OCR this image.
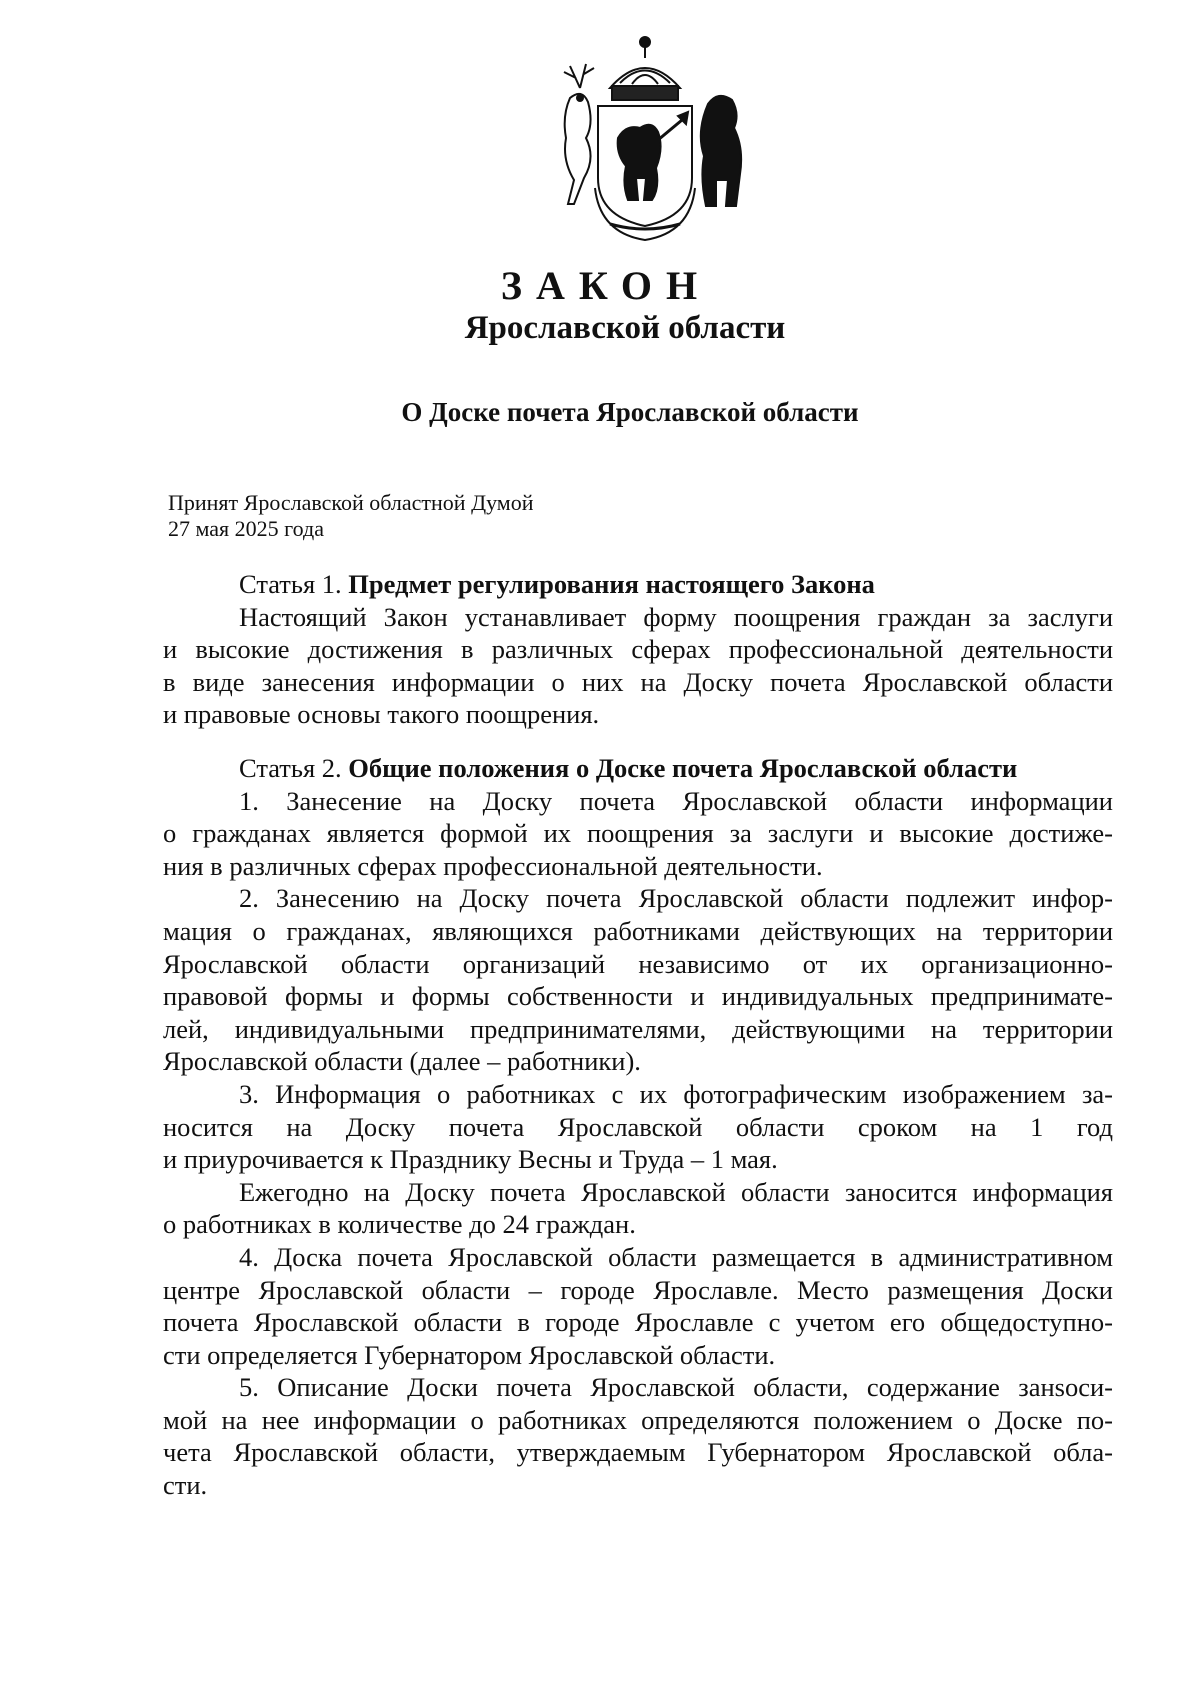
ЗАКОН
Ярославской области
О Доске почета Ярославской области
Принят Ярославской областной Думой
27 мая 2025 года
Статья 1. Предмет регулирования настоящего Закона
Настоящий Закон устанавливает форму поощрения граждан за заслуги
и высокие достижения в различных сферах профессиональной деятельности
в виде занесения информации о них на Доску почета Ярославской области
и правовые основы такого поощрения.
Статья 2. Общие положения о Доске почета Ярославской области
1. Занесение на Доску почета Ярославской области информации
о гражданах является формой их поощрения за заслуги и высокие достиже-
ния в различных сферах профессиональной деятельности.
2. Занесению на Доску почета Ярославской области подлежит инфор-
мация о гражданах, являющихся работниками действующих на территории
Ярославской области организаций независимо от их организационно-
правовой формы и формы собственности и индивидуальных предпринимате-
лей, индивидуальными предпринимателями, действующими на территории
Ярославской области (далее – работники).
3. Информация о работниках с их фотографическим изображением за-
носится на Доску почета Ярославской области сроком на 1 год
и приурочивается к Празднику Весны и Труда – 1 мая.
Ежегодно на Доску почета Ярославской области заносится информация
о работниках в количестве до 24 граждан.
4. Доска почета Ярославской области размещается в административном
центре Ярославской области – городе Ярославле. Место размещения Доски
почета Ярославской области в городе Ярославле с учетом его общедоступно-
сти определяется Губернатором Ярославской области.
5. Описание Доски почета Ярославской области, содержание занsocи-
мой на нее информации о работниках определяются положением о Доске по-
чета Ярославской области, утверждаемым Губернатором Ярославской обла-
сти.
